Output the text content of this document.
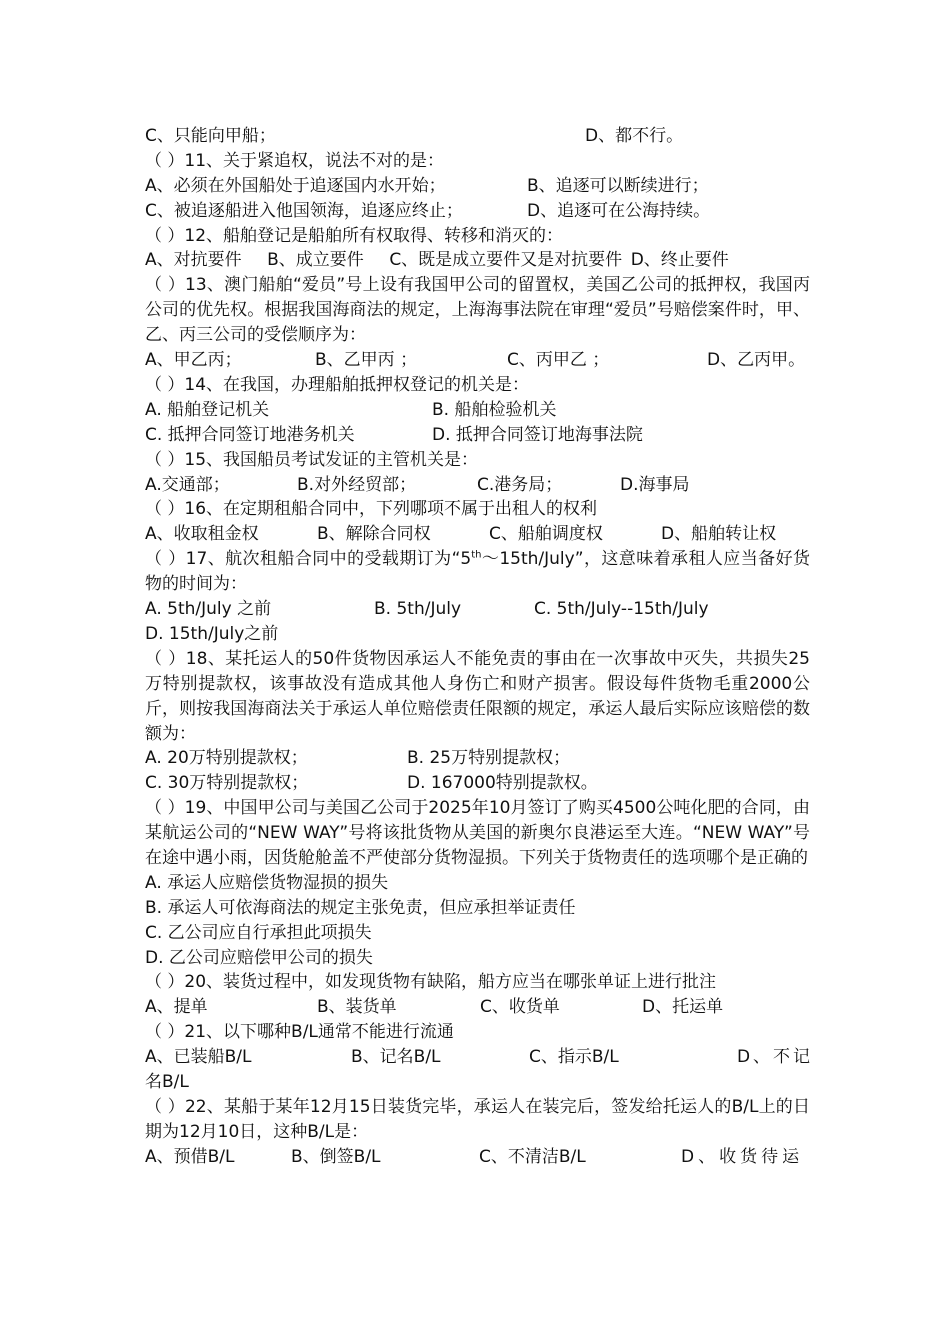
C、只能向甲船；	D、都不行。
（ ）11、关于紧追权，说法不对的是：
A、必须在外国船处于追逐国内水开始；	B、追逐可以断续进行；
C、被追逐船进入他国领海，追逐应终止；	D、追逐可在公海持续。
（ ）12、船舶登记是船舶所有权取得、转移和消灭的：
A、对抗要件   B、成立要件   C、既是成立要件又是对抗要件  D、终止要件
（ ）13、澳门船舶“爱员”号上设有我国甲公司的留置权，美国乙公司的抵押权，我国丙公司的优先权。根据我国海商法的规定，上海海事法院在审理“爱员”号赔偿案件时，甲、乙、丙三公司的受偿顺序为：
A、甲乙丙；	B、乙甲丙 ；	C、丙甲乙 ；	D、乙丙甲。
（ ）14、在我国，办理船舶抵押权登记的机关是：
A. 船舶登记机关	B. 船舶检验机关
C. 抵押合同签订地港务机关	D. 抵押合同签订地海事法院
（ ）15、我国船员考试发证的主管机关是：
A.交通部；	B.对外经贸部；	C.港务局；	D.海事局
（ ）16、在定期租船合同中，下列哪项不属于出租人的权利
A、收取租金权	B、解除合同权	C、船舶调度权	D、船舶转让权
（ ）17、航次租船合同中的受载期订为“5th～15th/July”，这意味着承租人应当备好货物的时间为：
A. 5th/July 之前	B. 5th/July	C. 5th/July--15th/July
D. 15th/July之前
（ ）18、某托运人的50件货物因承运人不能免责的事由在一次事故中灭失，共损失25万特别提款权，该事故没有造成其他人身伤亡和财产损害。假设每件货物毛重2000公斤，则按我国海商法关于承运人单位赔偿责任限额的规定，承运人最后实际应该赔偿的数额为：
A. 20万特别提款权；	B. 25万特别提款权；
C. 30万特别提款权；	D. 167000特别提款权。
（ ）19、中国甲公司与美国乙公司于2025年10月签订了购买4500公吨化肥的合同，由某航运公司的“NEW WAY”号将该批货物从美国的新奥尔良港运至大连。“NEW WAY”号在途中遇小雨，因货舱舱盖不严使部分货物湿损。下列关于货物责任的选项哪个是正确的
A. 承运人应赔偿货物湿损的损失
B. 承运人可依海商法的规定主张免责，但应承担举证责任
C. 乙公司应自行承担此项损失
D. 乙公司应赔偿甲公司的损失
（ ）20、装货过程中，如发现货物有缺陷，船方应当在哪张单证上进行批注
A、提单	B、装货单	C、收货单	D、托运单
（ ）21、以下哪种B/L通常不能进行流通
A、已装船B/L	B、记名B/L	C、指示B/L	D、不记名B/L
（ ）22、某船于某年12月15日装货完毕，承运人在装完后，签发给托运人的B/L上的日期为12月10日，这种B/L是：
A、预借B/L	B、倒签B/L	C、不清洁B/L	D、收货待运
